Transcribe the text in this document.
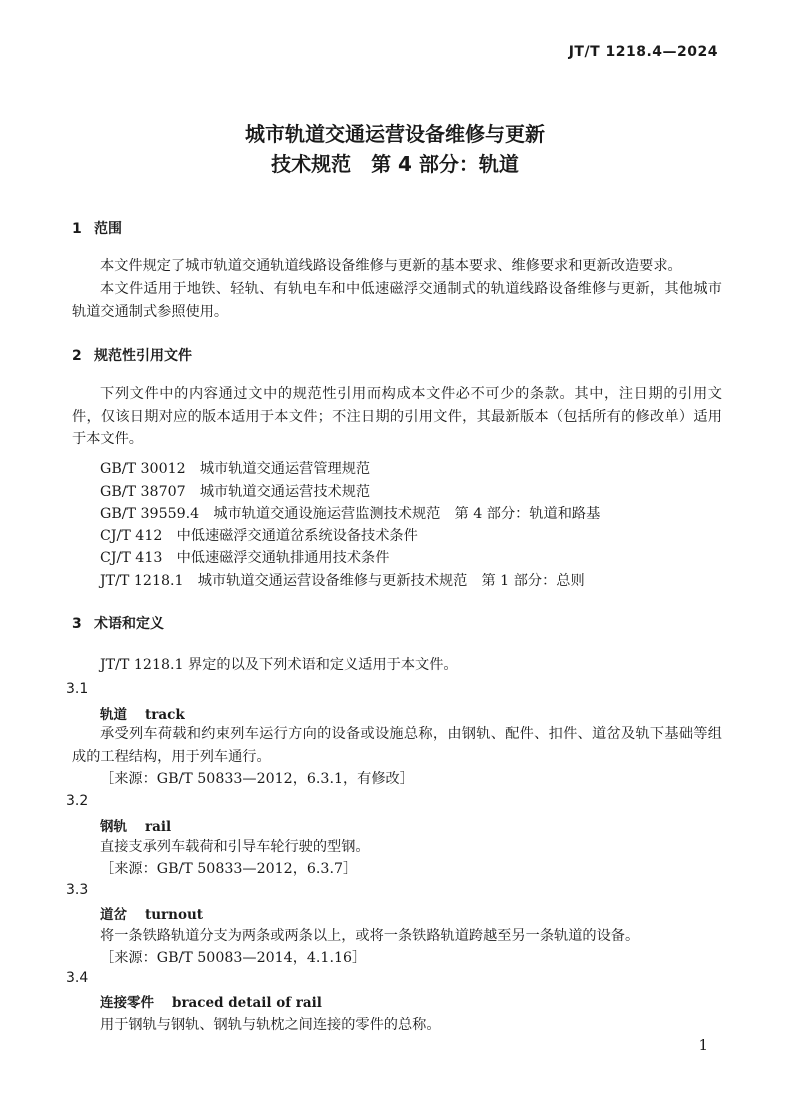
JT/T 1218.4—2024
城市轨道交通运营设备维修与更新
技术规范　第 4 部分：轨道
1 范围
本文件规定了城市轨道交通轨道线路设备维修与更新的基本要求、维修要求和更新改造要求。
本文件适用于地铁、轻轨、有轨电车和中低速磁浮交通制式的轨道线路设备维修与更新，其他城市轨道交通制式参照使用。
2 规范性引用文件
下列文件中的内容通过文中的规范性引用而构成本文件必不可少的条款。其中，注日期的引用文件，仅该日期对应的版本适用于本文件；不注日期的引用文件，其最新版本（包括所有的修改单）适用于本文件。
GB/T 30012　城市轨道交通运营管理规范
GB/T 38707　城市轨道交通运营技术规范
GB/T 39559.4　城市轨道交通设施运营监测技术规范　第 4 部分：轨道和路基
CJ/T 412　中低速磁浮交通道岔系统设备技术条件
CJ/T 413　中低速磁浮交通轨排通用技术条件
JT/T 1218.1　城市轨道交通运营设备维修与更新技术规范　第 1 部分：总则
3 术语和定义
JT/T 1218.1 界定的以及下列术语和定义适用于本文件。
3.1
轨道 track
承受列车荷载和约束列车运行方向的设备或设施总称，由钢轨、配件、扣件、道岔及轨下基础等组成的工程结构，用于列车通行。
［来源：GB/T 50833—2012，6.3.1，有修改］
3.2
钢轨 rail
直接支承列车载荷和引导车轮行驶的型钢。
［来源：GB/T 50833—2012，6.3.7］
3.3
道岔 turnout
将一条铁路轨道分支为两条或两条以上，或将一条铁路轨道跨越至另一条轨道的设备。
［来源：GB/T 50083—2014，4.1.16］
3.4
连接零件 braced detail of rail
用于钢轨与钢轨、钢轨与轨枕之间连接的零件的总称。
1
